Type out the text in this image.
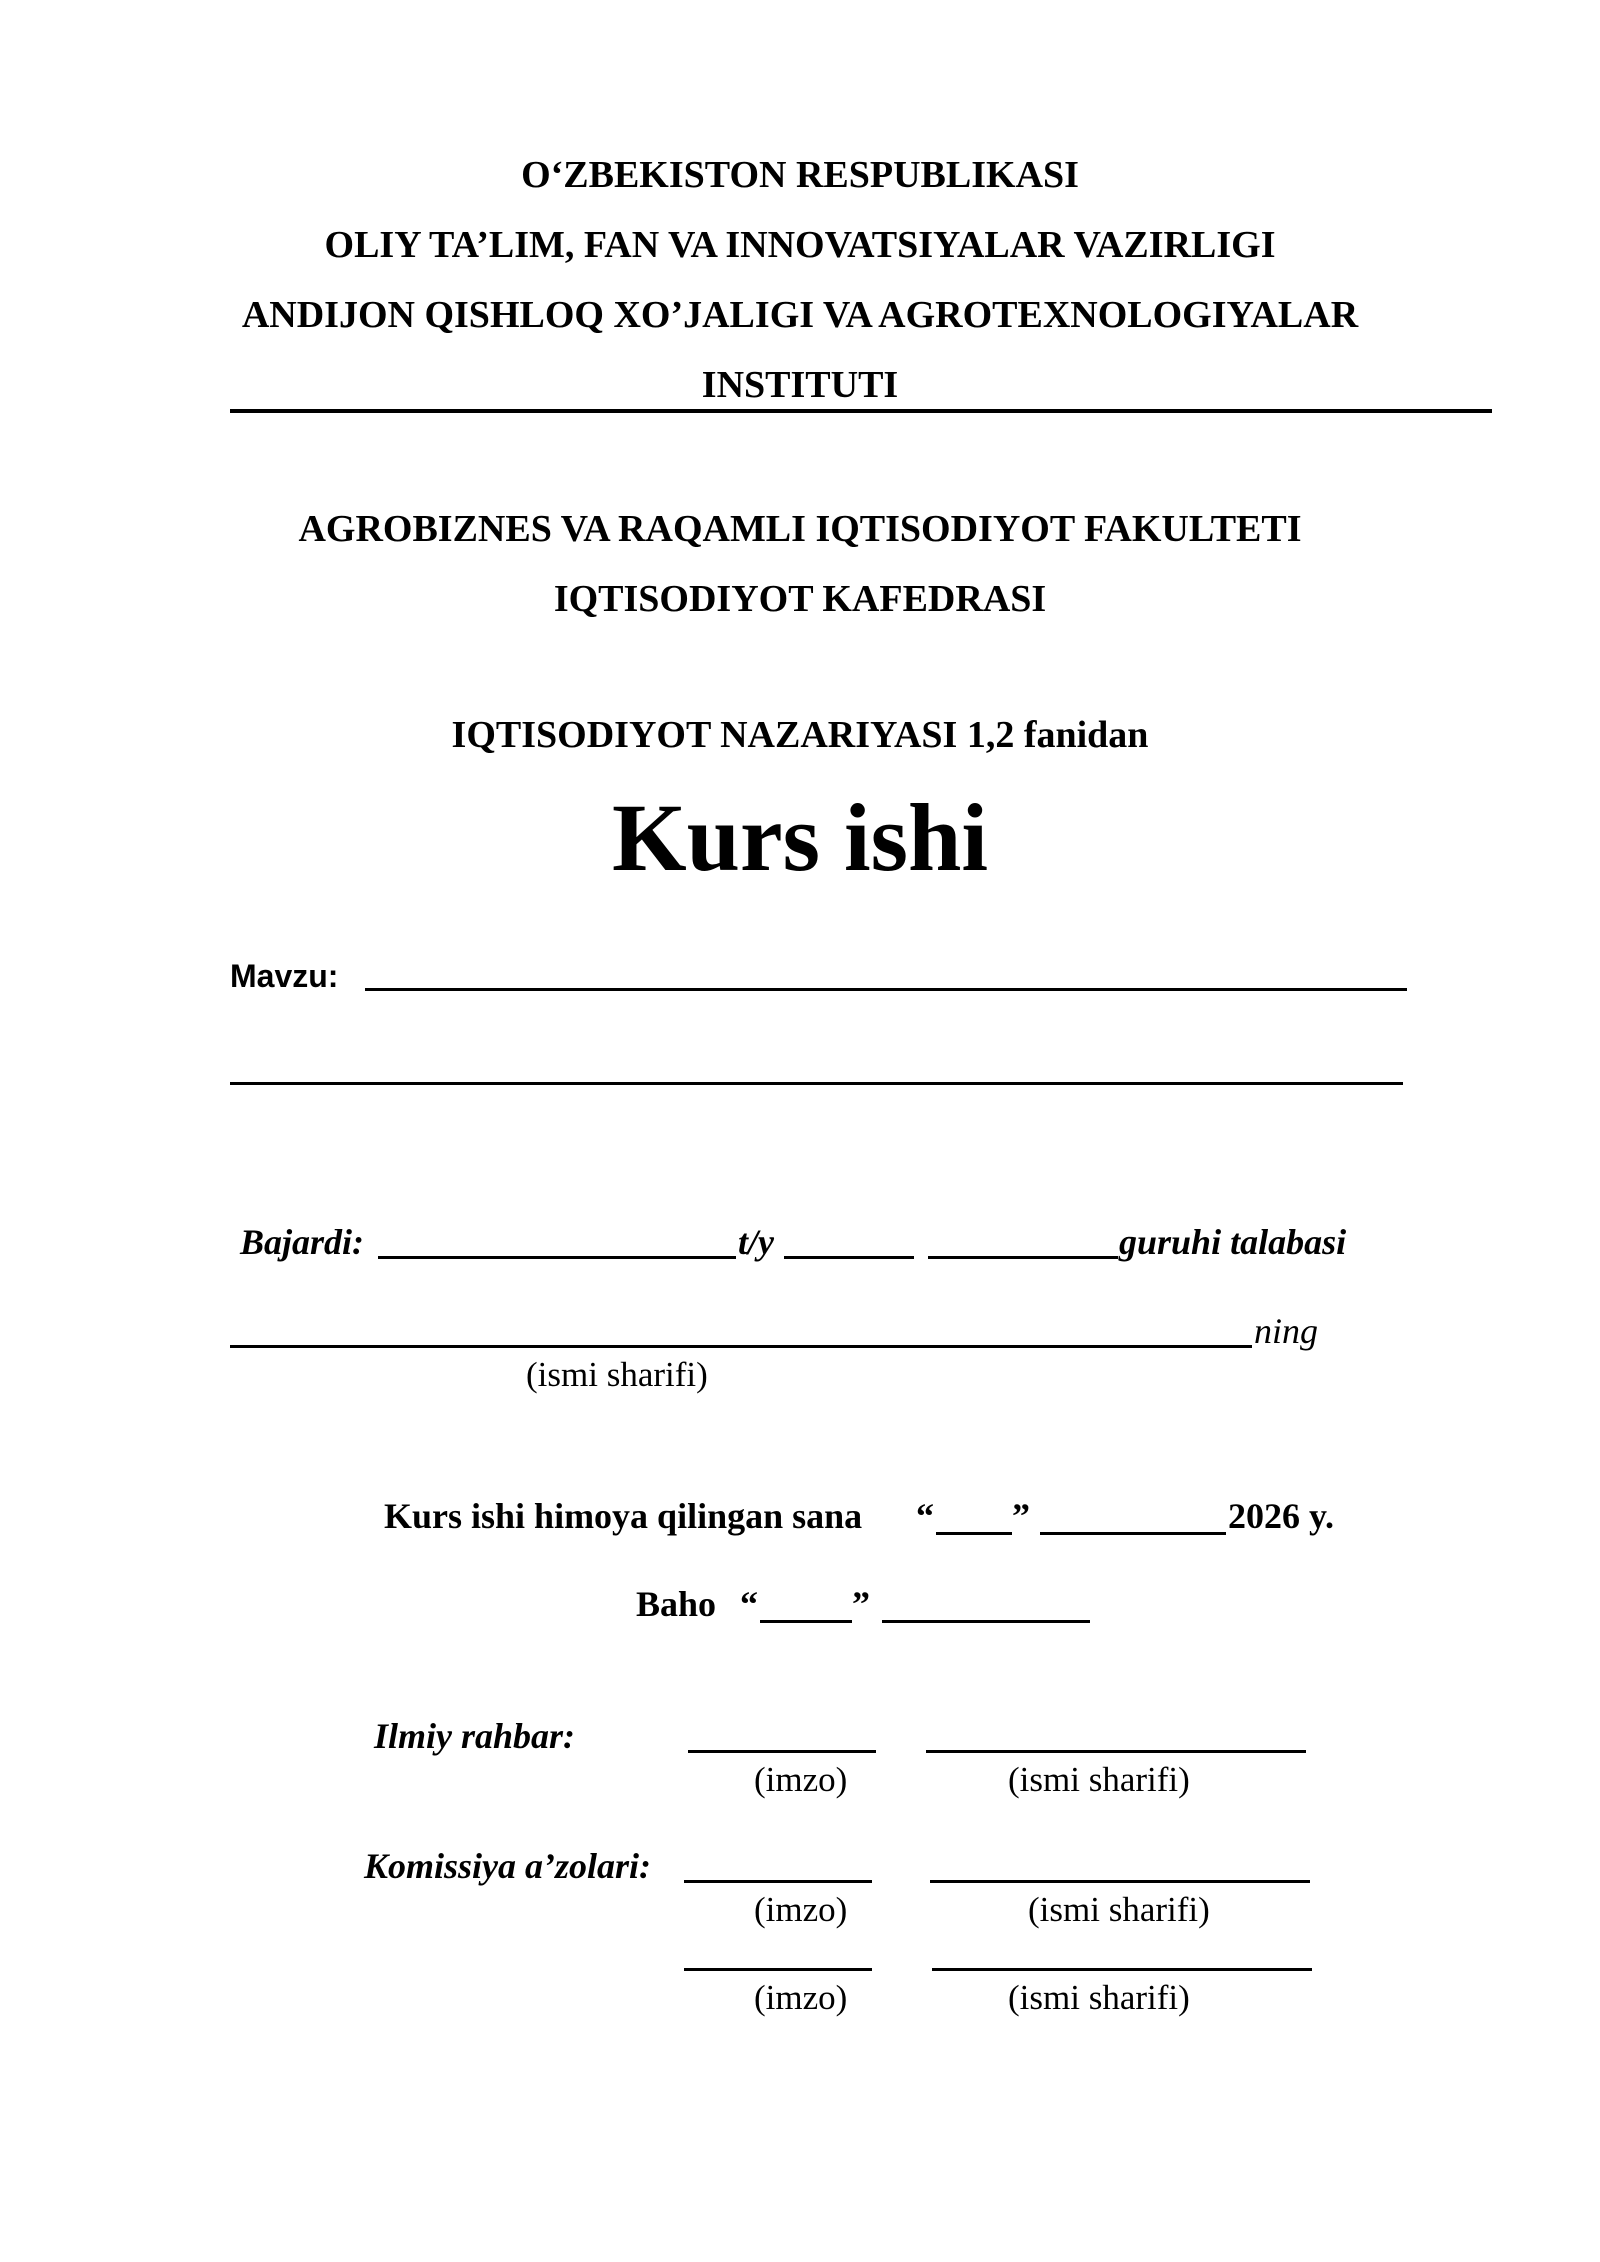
O‘ZBEKISTON RESPUBLIKASI
OLIY TA’LIM, FAN VA INNOVATSIYALAR VAZIRLIGI
ANDIJON QISHLOQ XO’JALIGI VA AGROTEXNOLOGIYALAR
INSTITUTI
AGROBIZNES VA RAQAMLI IQTISODIYOT FAKULTETI
IQTISODIYOT KAFEDRASI
IQTISODIYOT NAZARIYASI 1,2 fanidan
Kurs ishi
Mavzu:
Bajardi:	t/y	guruhi talabasi
ning
(ismi sharifi)
Kurs ishi himoya qilingan sana “ ”	2026 y.
Baho “	”
Ilmiy rahbar:
(imzo)	(ismi sharifi)
Komissiya a’zolari:
(imzo)	(ismi sharifi)
(imzo)	(ismi sharifi)
